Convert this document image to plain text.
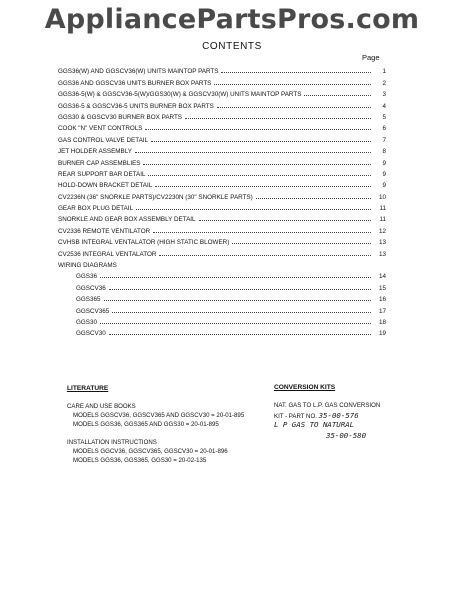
AppliancePartsPros.com
CONTENTS
Page
GGS36(W) AND GGSCV36(W) UNITS MAINTOP PARTS	1
GGS36 AND GGSCV36 UNITS BURNER BOX PARTS	2
GGS36-5(W) & GGSCV36-5(W)/GGS30(W) & GGSCV30(W) UNITS MAINTOP PARTS	3
GGS36-5 & GGSCV36-5 UNITS BURNER BOX PARTS	4
GGS30 & GGSCV30 BURNER BOX PARTS	5
COOK "N" VENT CONTROLS	6
GAS CONTROL VALVE DETAIL	7
JET HOLDER ASSEMBLY	8
BURNER CAP ASSEMBLIES	9
REAR SUPPORT BAR DETAIL	9
HOLD-DOWN BRACKET DETAIL	9
CV2236N (36" SNORKLE PARTS)/CV2230N (30" SNORKLE PARTS)	10
GEAR BOX PLUG DETAIL	11
SNORKLE AND GEAR BOX ASSEMBLY DETAIL	11
CV2336 REMOTE VENTILATOR	12
CVHSB INTEGRAL VENTALATOR (HIGH STATIC BLOWER)	13
CV2536 INTEGRAL VENTALATOR	13
WIRING DIAGRAMS
GGS36	14
GGSCV36	15
GGS365	16
GGSCV365	17
GGS30	18
GGSCV30	19
LITERATURE
CARE AND USE BOOKS
MODELS GGSCV36, GGSCV365 AND GGSCV30 = 20-01-895
MODELS GGS36, GGS365 AND GGS30 = 20-01-895
INSTALLATION INSTRUCTIONS
MODELS GGCV36, GGSCV365, GGSCV30 = 20-01-896
MODELS GGS36, GGS365, GGS30 = 20-02-135
CONVERSION KITS
NAT. GAS TO L.P. GAS CONVERSION
KIT - PART NO. 35-00-576
L P GAS TO NATURAL
35-00-580
